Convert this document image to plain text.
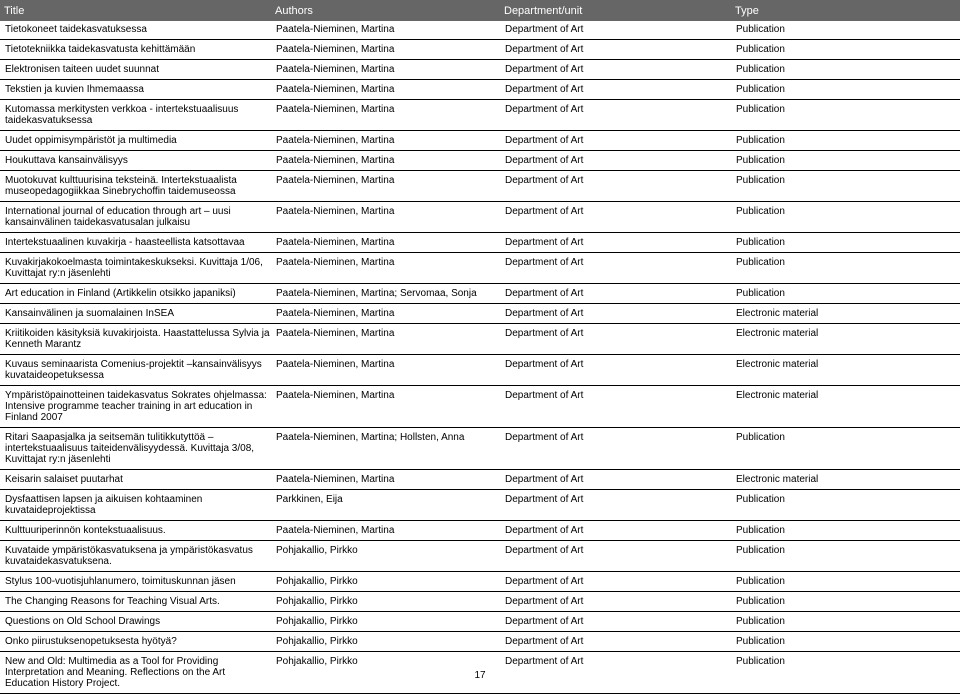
Title	Authors	Department/unit	Type
Tietokoneet taidekasvatuksessa	Paatela-Nieminen, Martina	Department of Art	Publication
Tietotekniikka taidekasvatusta kehittämään	Paatela-Nieminen, Martina	Department of Art	Publication
Elektronisen taiteen uudet suunnat	Paatela-Nieminen, Martina	Department of Art	Publication
Tekstien ja kuvien Ihmemaassa	Paatela-Nieminen, Martina	Department of Art	Publication
Kutomassa merkitysten verkkoa - intertekstuaalisuus taidekasvatuksessa	Paatela-Nieminen, Martina	Department of Art	Publication
Uudet oppimisympäristöt ja multimedia	Paatela-Nieminen, Martina	Department of Art	Publication
Houkuttava kansainvälisyys	Paatela-Nieminen, Martina	Department of Art	Publication
Muotokuvat kulttuurisina teksteinä. Intertekstuaalista museopedagogiikkaa Sinebrychoffin taidemuseossa	Paatela-Nieminen, Martina	Department of Art	Publication
International journal of education through art – uusi kansainvälinen taidekasvatusalan julkaisu	Paatela-Nieminen, Martina	Department of Art	Publication
Intertekstuaalinen kuvakirja - haasteellista katsottavaa	Paatela-Nieminen, Martina	Department of Art	Publication
Kuvakirjakokoelmasta toimintakeskukseksi. Kuvittaja 1/06, Kuvittajat ry:n jäsenlehti	Paatela-Nieminen, Martina	Department of Art	Publication
Art education in Finland (Artikkelin otsikko japaniksi)	Paatela-Nieminen, Martina; Servomaa, Sonja	Department of Art	Publication
Kansainvälinen ja suomalainen InSEA	Paatela-Nieminen, Martina	Department of Art	Electronic material
Kriitikoiden käsityksiä kuvakirjoista. Haastattelussa Sylvia ja Kenneth Marantz	Paatela-Nieminen, Martina	Department of Art	Electronic material
Kuvaus seminaarista Comenius-projektit –kansainvälisyys kuvataideopetuksessa	Paatela-Nieminen, Martina	Department of Art	Electronic material
Ympäristöpainotteinen taidekasvatus Sokrates ohjelmassa: Intensive programme teacher training in art education in Finland 2007	Paatela-Nieminen, Martina	Department of Art	Electronic material
Ritari Saapasjalka ja seitsemän tulitikkutyttöä – intertekstuaalisuus taiteidenvälisyydessä. Kuvittaja 3/08, Kuvittajat ry:n jäsenlehti	Paatela-Nieminen, Martina; Hollsten, Anna	Department of Art	Publication
Keisarin salaiset puutarhat	Paatela-Nieminen, Martina	Department of Art	Electronic material
Dysfaattisen lapsen ja aikuisen kohtaaminen kuvataideprojektissa	Parkkinen, Eija	Department of Art	Publication
Kulttuuriperinnön kontekstuaalisuus.	Paatela-Nieminen, Martina	Department of Art	Publication
Kuvataide ympäristökasvatuksena ja ympäristökasvatus kuvataidekasvatuksena.	Pohjakallio, Pirkko	Department of Art	Publication
Stylus 100-vuotisjuhlanumero, toimituskunnan jäsen	Pohjakallio, Pirkko	Department of Art	Publication
The Changing Reasons for Teaching Visual Arts.	Pohjakallio, Pirkko	Department of Art	Publication
Questions on Old School Drawings	Pohjakallio, Pirkko	Department of Art	Publication
Onko piirustuksenopetuksesta hyötyä?	Pohjakallio, Pirkko	Department of Art	Publication
New and Old: Multimedia as a Tool for Providing Interpretation and Meaning. Reflections on the Art Education History Project.	Pohjakallio, Pirkko	Department of Art	Publication
17
